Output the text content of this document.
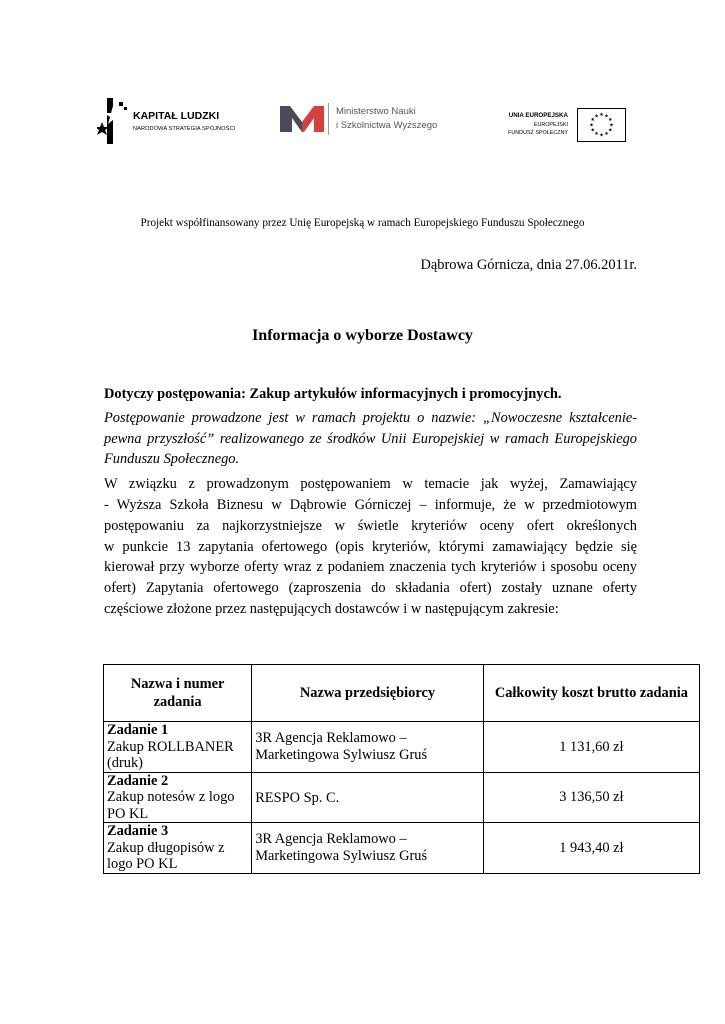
KAPITAŁ LUDZKI
NARODOWA STRATEGIA SPÓJNOŚCI
Ministerstwo Nauki
i Szkolnictwa Wyższego
UNIA EUROPEJSKA
EUROPEJSKI
FUNDUSZ SPOŁECZNY
★ ★
★
★
★
★
★
★
★
★
★
★
Projekt współfinansowany przez Unię Europejską w ramach Europejskiego Funduszu Społecznego
Dąbrowa Górnicza, dnia 27.06.2011r.
Informacja o wyborze Dostawcy

Dotyczy postępowania: Zakup artykułów informacyjnych i promocyjnych.

Postępowanie prowadzone jest w ramach projektu o nazwie: „Nowoczesne kształcenie-
pewna przyszłość” realizowanego ze środków Unii Europejskiej w ramach Europejskiego
Funduszu Społecznego.

W związku z prowadzonym postępowaniem w temacie jak wyżej, Zamawiający
- Wyższa Szkoła Biznesu w Dąbrowie Górniczej – informuje, że w przedmiotowym
postępowaniu za najkorzystniejsze w świetle kryteriów oceny ofert określonych
w punkcie 13 zapytania ofertowego (opis kryteriów, którymi zamawiający będzie się
kierował przy wyborze oferty wraz z podaniem znaczenia tych kryteriów i sposobu oceny
ofert) Zapytania ofertowego (zaproszenia do składania ofert) zostały uznane oferty
częściowe złożone przez następujących dostawców i w następującym zakresie:

Nazwa i numer zadania	Nazwa przedsiębiorcy	Całkowity koszt brutto zadania

Zadanie 1
Zakup ROLLBANER (druk)	3R Agencja Reklamowo – Marketingowa Sylwiusz Gruś	1 131,60 zł

Zadanie 2
Zakup notesów z logo PO KL	RESPO Sp. C.	3 136,50 zł

Zadanie 3
Zakup długopisów z logo PO KL	3R Agencja Reklamowo – Marketingowa Sylwiusz Gruś	1 943,40 zł
